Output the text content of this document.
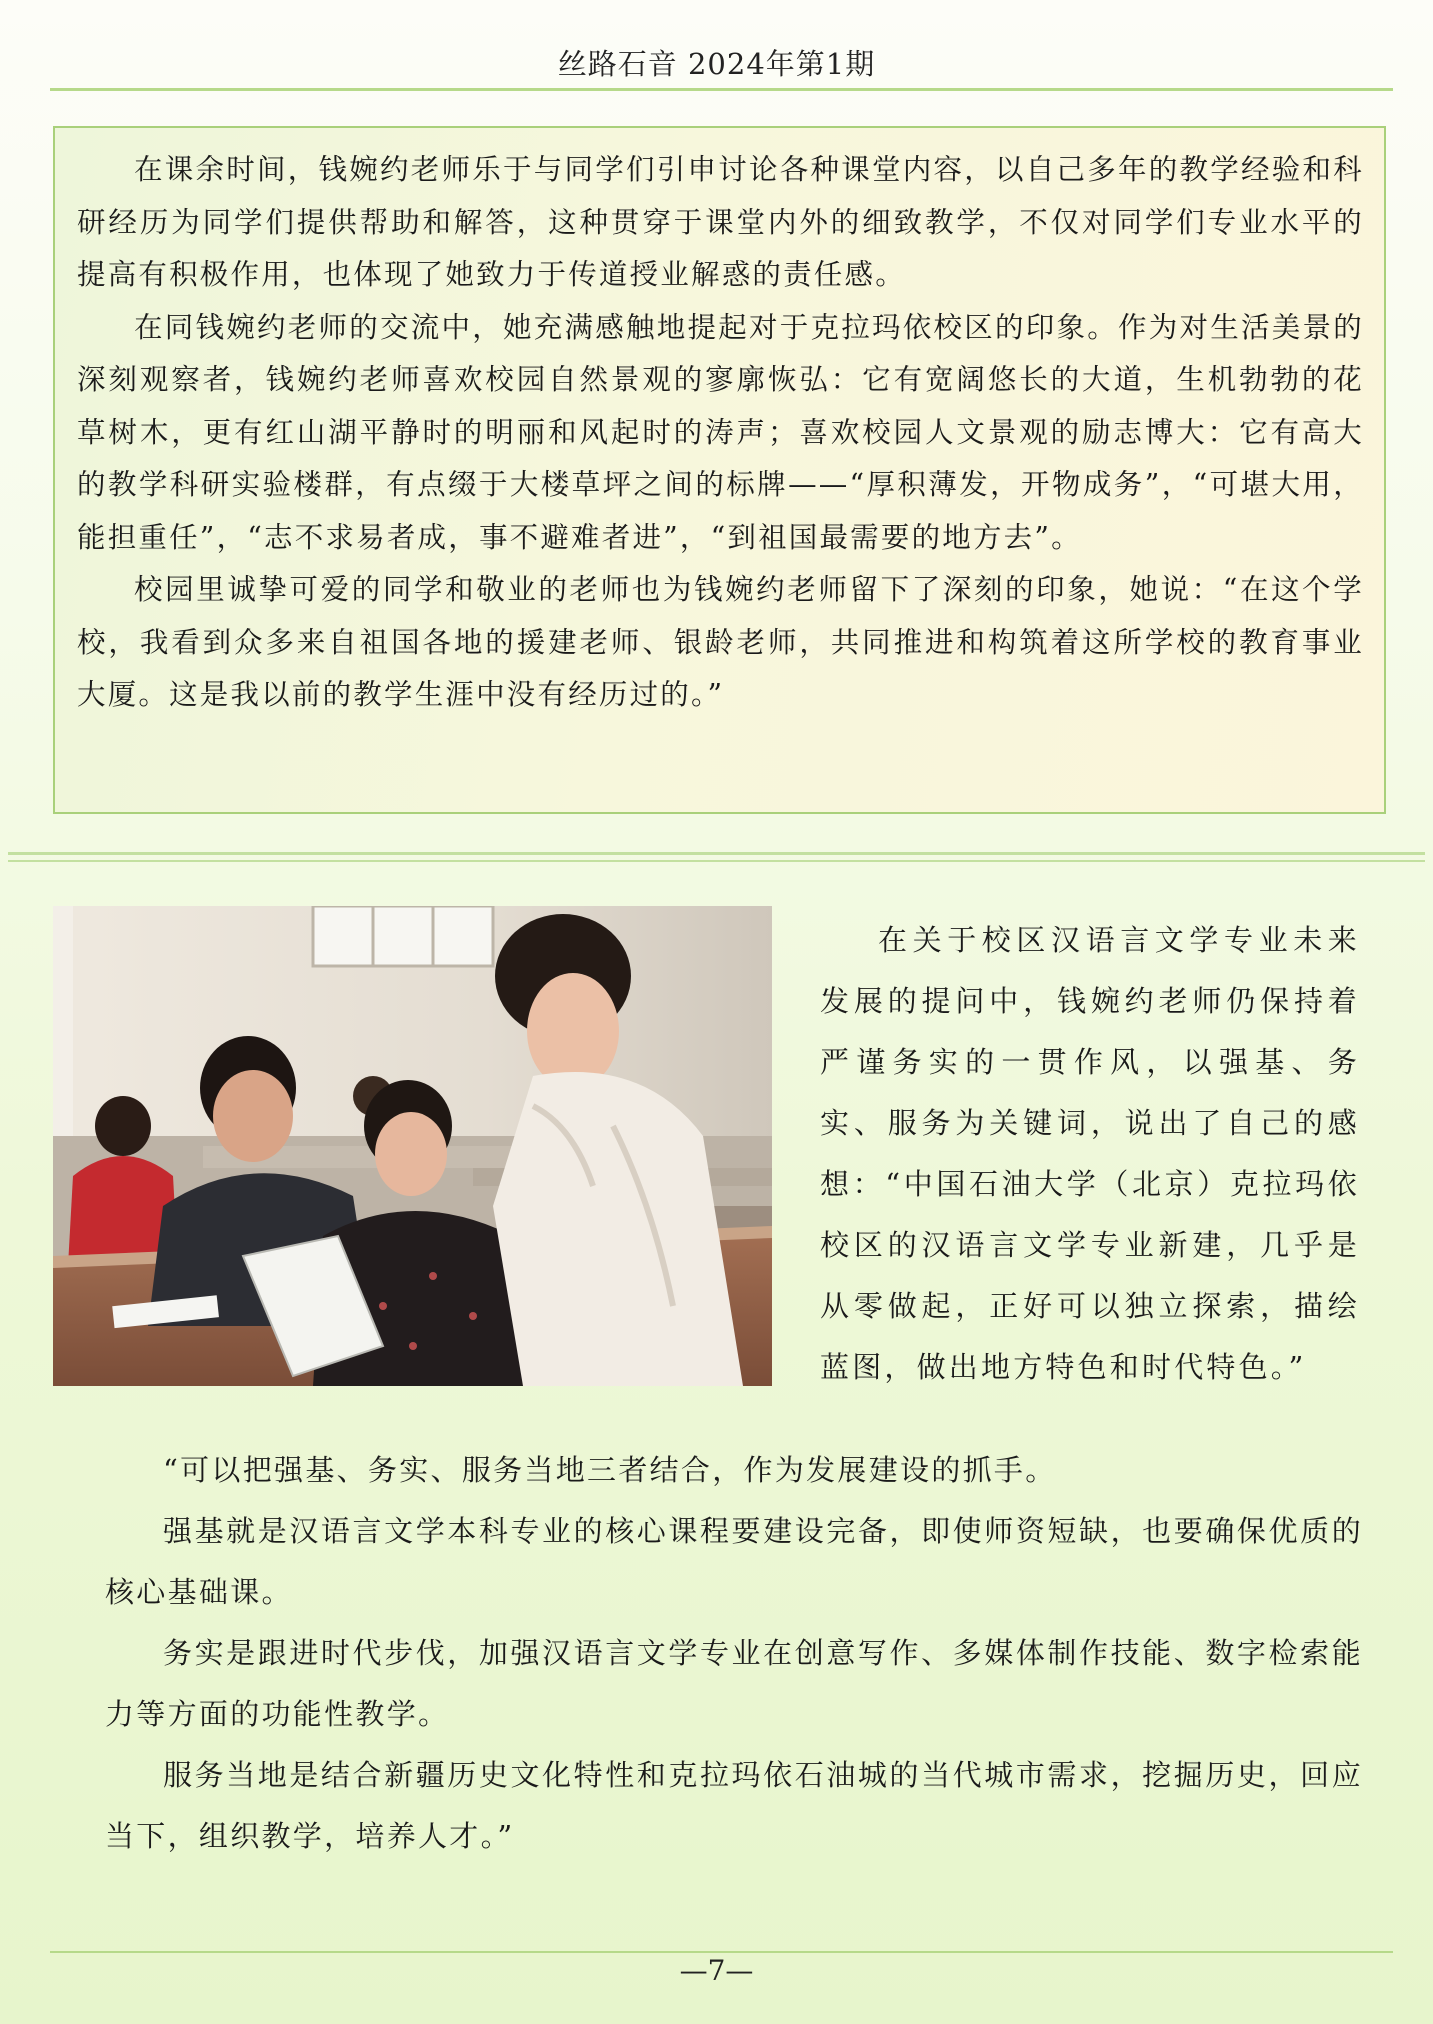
丝路石音 2024年第1期

在课余时间，钱婉约老师乐于与同学们引申讨论各种课堂内容，以自己多年的教学经验和科研经历为同学们提供帮助和解答，这种贯穿于课堂内外的细致教学，不仅对同学们专业水平的提高有积极作用，也体现了她致力于传道授业解惑的责任感。

在同钱婉约老师的交流中，她充满感触地提起对于克拉玛依校区的印象。作为对生活美景的深刻观察者，钱婉约老师喜欢校园自然景观的寥廓恢弘：它有宽阔悠长的大道，生机勃勃的花草树木，更有红山湖平静时的明丽和风起时的涛声；喜欢校园人文景观的励志博大：它有高大的教学科研实验楼群，有点缀于大楼草坪之间的标牌——“厚积薄发，开物成务”，“可堪大用，能担重任”，“志不求易者成，事不避难者进”，“到祖国最需要的地方去”。

校园里诚挚可爱的同学和敬业的老师也为钱婉约老师留下了深刻的印象，她说：“在这个学校，我看到众多来自祖国各地的援建老师、银龄老师，共同推进和构筑着这所学校的教育事业大厦。这是我以前的教学生涯中没有经历过的。”

在关于校区汉语言文学专业未来发展的提问中，钱婉约老师仍保持着严谨务实的一贯作风，以强基、务实、服务为关键词，说出了自己的感想：“中国石油大学（北京）克拉玛依校区的汉语言文学专业新建，几乎是从零做起，正好可以独立探索，描绘蓝图，做出地方特色和时代特色。”

“可以把强基、务实、服务当地三者结合，作为发展建设的抓手。

强基就是汉语言文学本科专业的核心课程要建设完备，即使师资短缺，也要确保优质的核心基础课。

务实是跟进时代步伐，加强汉语言文学专业在创意写作、多媒体制作技能、数字检索能力等方面的功能性教学。

服务当地是结合新疆历史文化特性和克拉玛依石油城的当代城市需求，挖掘历史，回应当下，组织教学，培养人才。”

—7—
